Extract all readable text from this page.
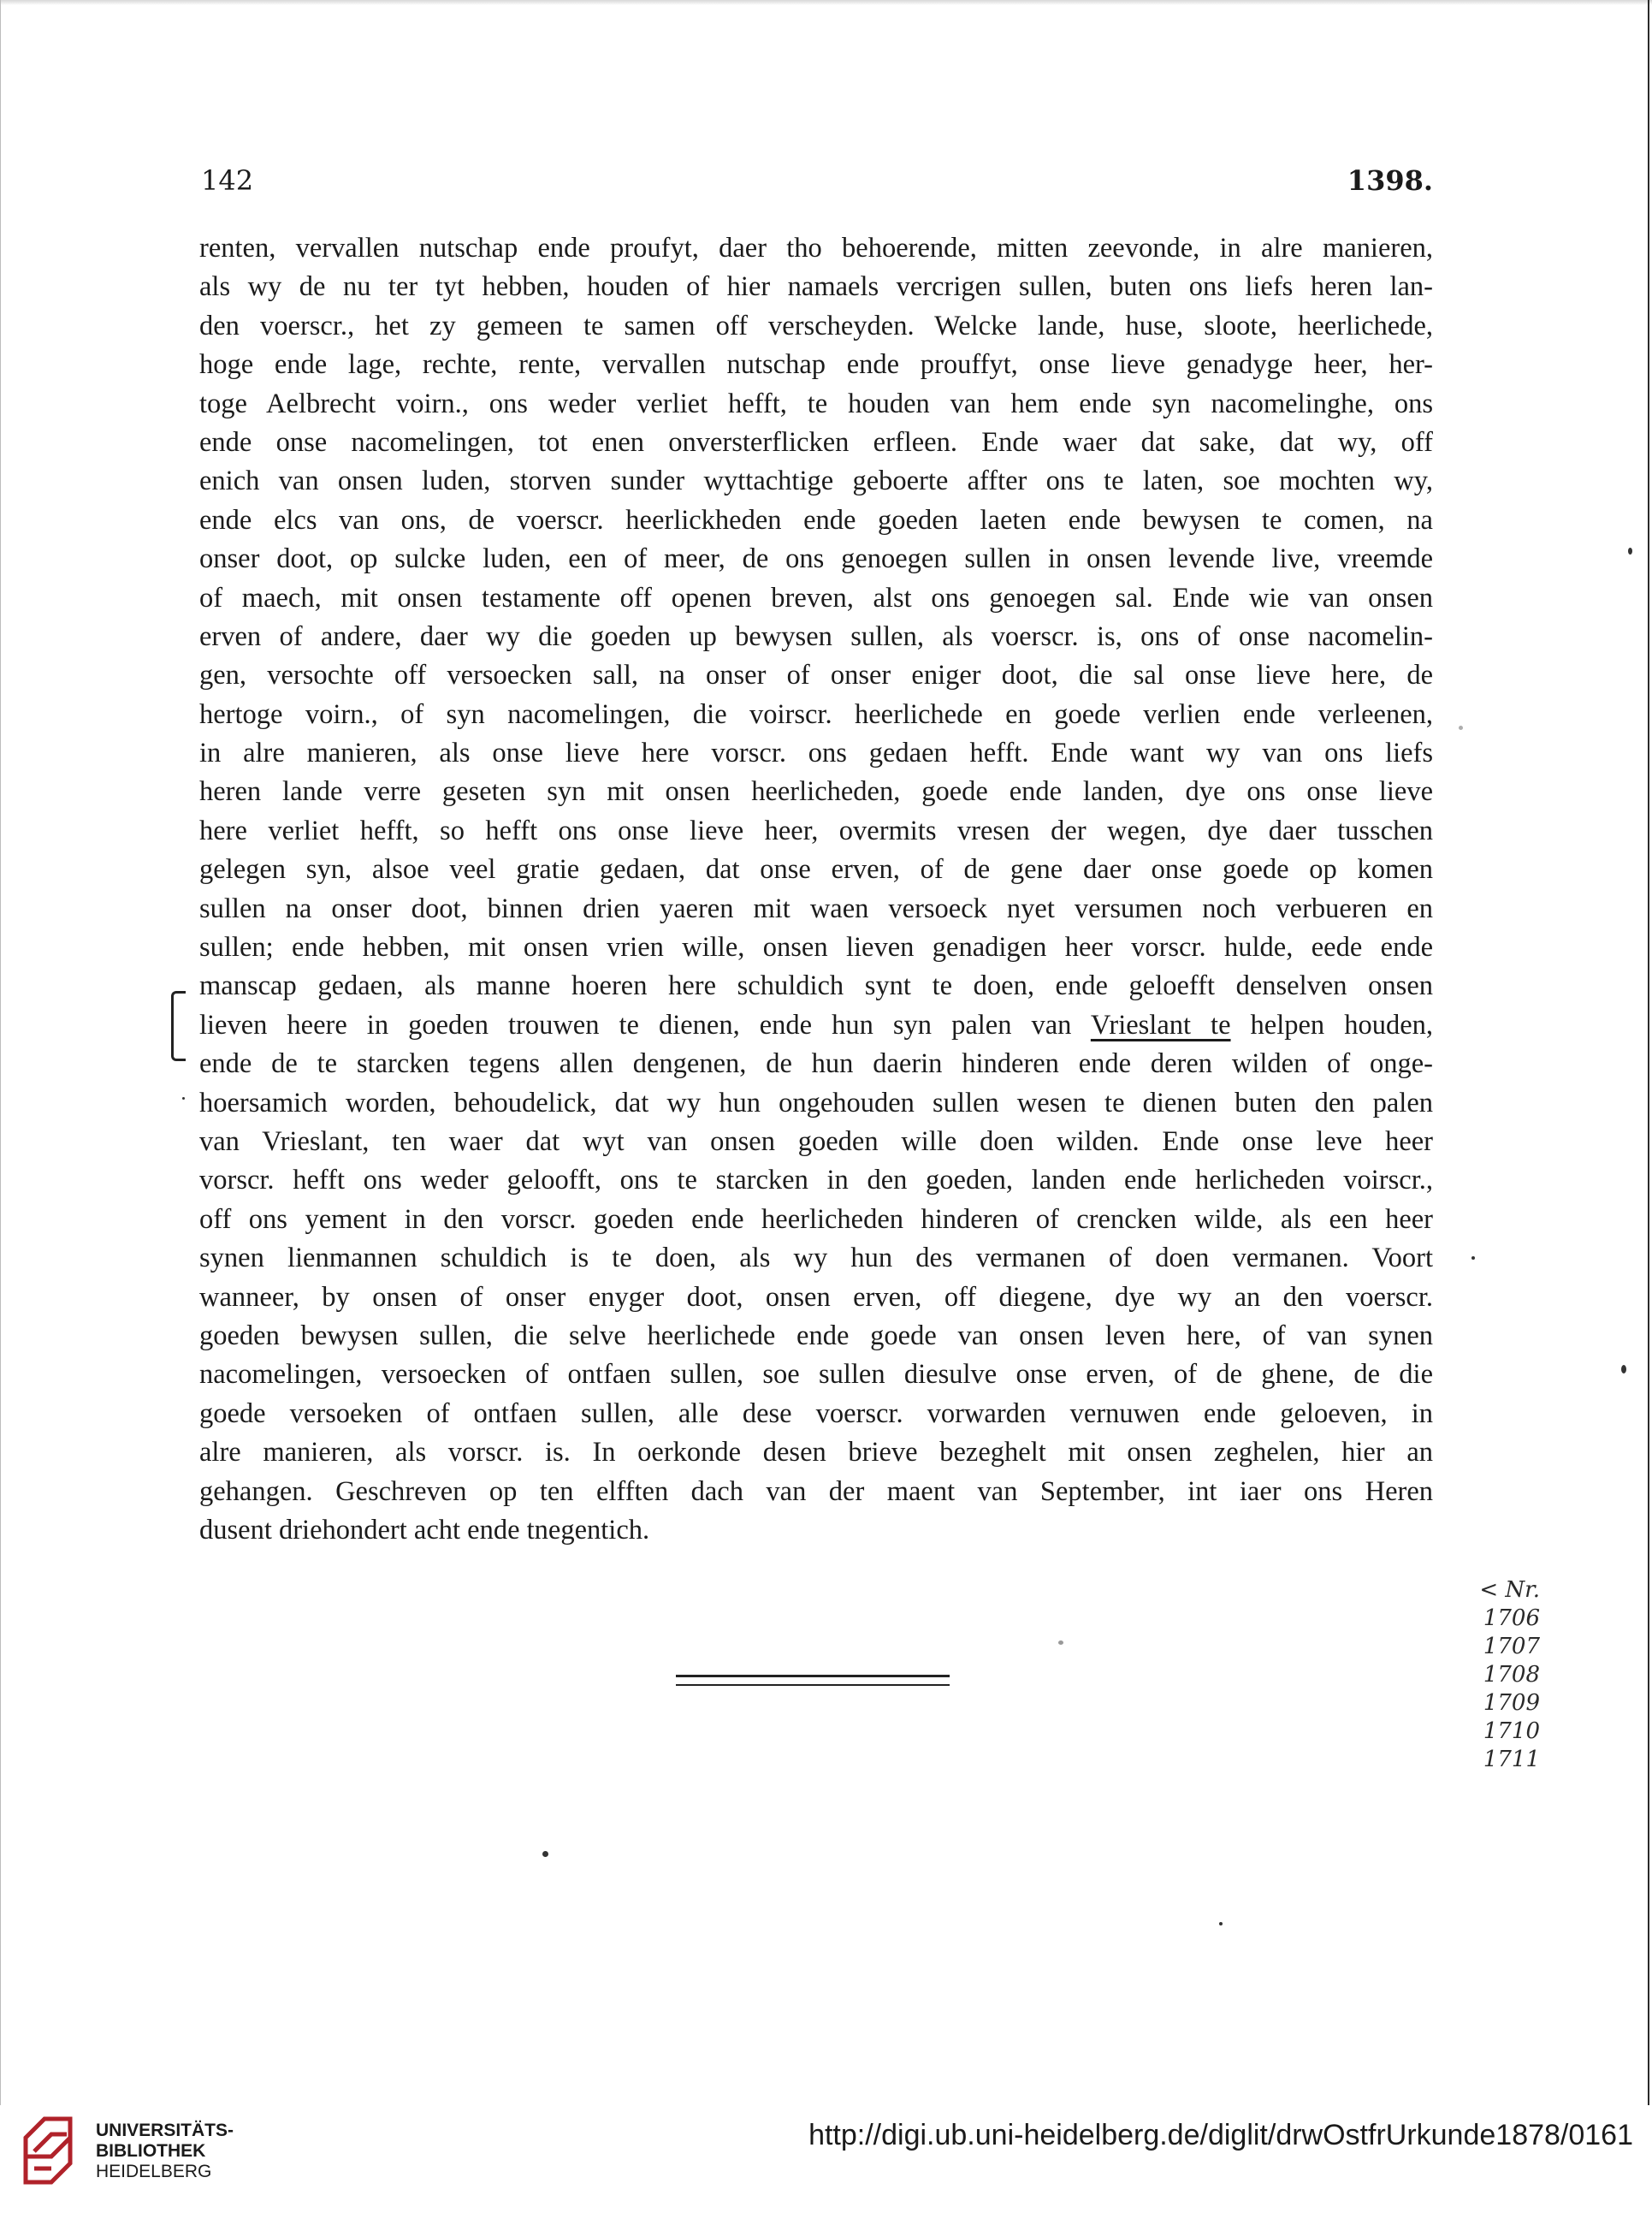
142	1398.
renten, vervallen nutschap ende proufyt, daer tho behoerende, mitten zeevonde, in alre manieren,
als wy de nu ter tyt hebben, houden of hier namaels vercrigen sullen, buten ons liefs heren lan-
den voerscr., het zy gemeen te samen off verscheyden. Welcke lande, huse, sloote, heerlichede,
hoge ende lage, rechte, rente, vervallen nutschap ende prouffyt, onse lieve genadyge heer, her-
toge Aelbrecht voirn., ons weder verliet hefft, te houden van hem ende syn nacomelinghe, ons
ende onse nacomelingen, tot enen onversterflicken erfleen. Ende waer dat sake, dat wy, off
enich van onsen luden, storven sunder wyttachtige geboerte affter ons te laten, soe mochten wy,
ende elcs van ons, de voerscr. heerlickheden ende goeden laeten ende bewysen te comen, na
onser doot, op sulcke luden, een of meer, de ons genoegen sullen in onsen levende live, vreemde
of maech, mit onsen testamente off openen breven, alst ons genoegen sal. Ende wie van onsen
erven of andere, daer wy die goeden up bewysen sullen, als voerscr. is, ons of onse nacomelin-
gen, versochte off versoecken sall, na onser of onser eniger doot, die sal onse lieve here, de
hertoge voirn., of syn nacomelingen, die voirscr. heerlichede en goede verlien ende verleenen,
in alre manieren, als onse lieve here vorscr. ons gedaen hefft. Ende want wy van ons liefs
heren lande verre geseten syn mit onsen heerlicheden, goede ende landen, dye ons onse lieve
here verliet hefft, so hefft ons onse lieve heer, overmits vresen der wegen, dye daer tusschen
gelegen syn, alsoe veel gratie gedaen, dat onse erven, of de gene daer onse goede op komen
sullen na onser doot, binnen drien yaeren mit waen versoeck nyet versumen noch verbueren en
sullen; ende hebben, mit onsen vrien wille, onsen lieven genadigen heer vorscr. hulde, eede ende
manscap gedaen, als manne hoeren here schuldich synt te doen, ende geloefft denselven onsen
lieven heere in goeden trouwen te dienen, ende hun syn palen van Vrieslant te helpen houden,
ende de te starcken tegens allen dengenen, de hun daerin hinderen ende deren wilden of onge-
hoersamich worden, behoudelick, dat wy hun ongehouden sullen wesen te dienen buten den palen
van Vrieslant, ten waer dat wyt van onsen goeden wille doen wilden. Ende onse leve heer
vorscr. hefft ons weder geloofft, ons te starcken in den goeden, landen ende herlicheden voirscr.,
off ons yement in den vorscr. goeden ende heerlicheden hinderen of crencken wilde, als een heer
synen lienmannen schuldich is te doen, als wy hun des vermanen of doen vermanen. Voort
wanneer, by onsen of onser enyger doot, onsen erven, off diegene, dye wy an den voerscr.
goeden bewysen sullen, die selve heerlichede ende goede van onsen leven here, of van synen
nacomelingen, versoecken of ontfaen sullen, soe sullen diesulve onse erven, of de ghene, de die
goede versoeken of ontfaen sullen, alle dese voerscr. vorwarden vernuwen ende geloeven, in
alre manieren, als vorscr. is. In oerkonde desen brieve bezeghelt mit onsen zeghelen, hier an
gehangen. Geschreven op ten elfften dach van der maent van September, int iaer ons Heren
dusent driehondert acht ende tnegentich.
< Nr. 1706
1707
1708
1709
1710
1711
UNIVERSITÄTS-
BIBLIOTHEK
HEIDELBERG
http://digi.ub.uni-heidelberg.de/diglit/drwOstfrUrkunde1878/0161
